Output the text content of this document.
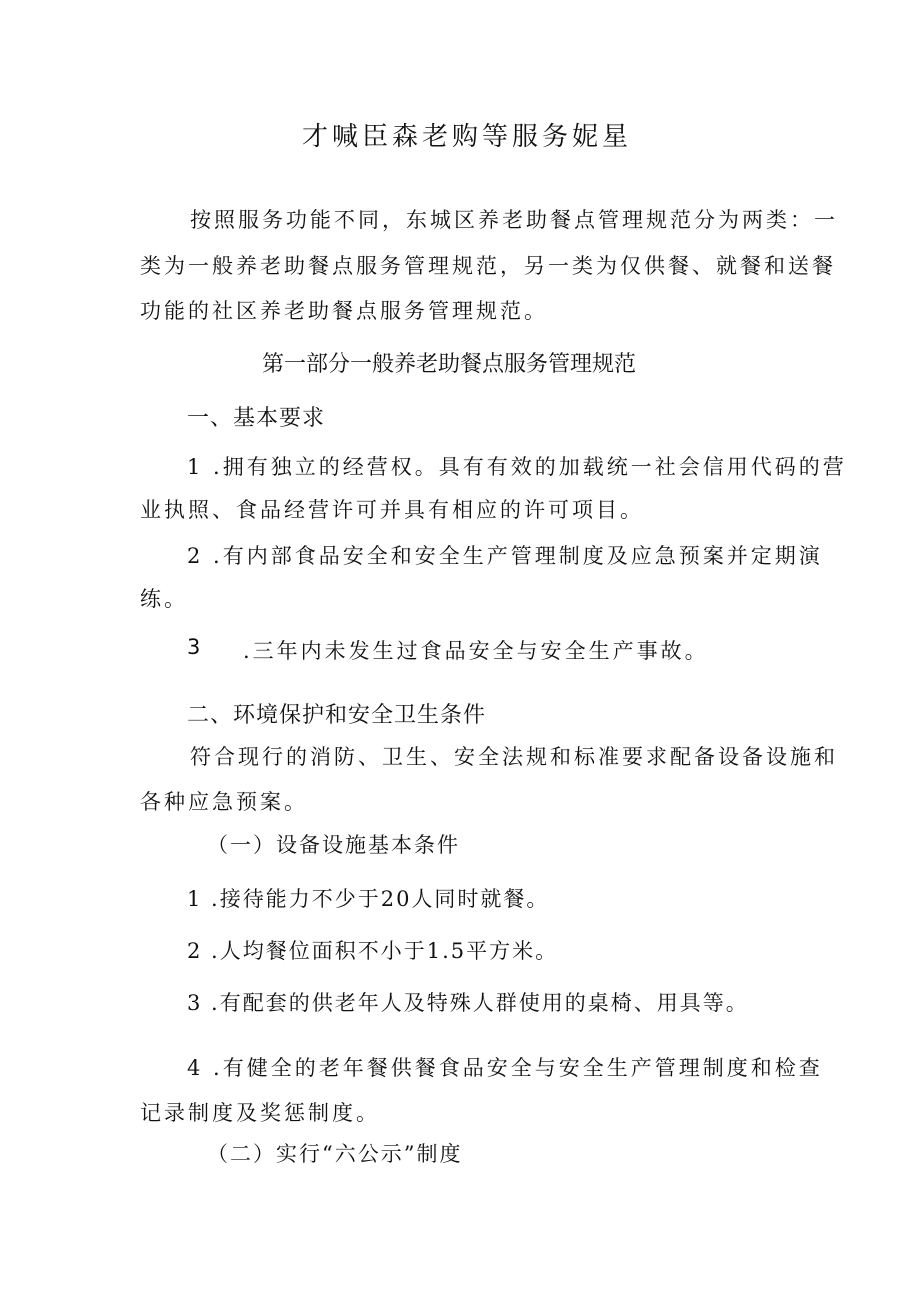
才喊臣森老购等服务妮星

按照服务功能不同，东城区养老助餐点管理规范分为两类：一

类为一般养老助餐点服务管理规范，另一类为仅供餐、就餐和送餐

功能的社区养老助餐点服务管理规范。

第一部分一般养老助餐点服务管理规范

一、基本要求

1 .拥有独立的经营权。具有有效的加载统一社会信用代码的营

业执照、食品经营许可并具有相应的许可项目。

2 .有内部食品安全和安全生产管理制度及应急预案并定期演

练。

3 .三年内未发生过食品安全与安全生产事故。

二、环境保护和安全卫生条件

符合现行的消防、卫生、安全法规和标准要求配备设备设施和

各种应急预案。

（一）设备设施基本条件

1 .接待能力不少于20人同时就餐。

2 .人均餐位面积不小于1.5平方米。

3 .有配套的供老年人及特殊人群使用的桌椅、用具等。

4 .有健全的老年餐供餐食品安全与安全生产管理制度和检查

记录制度及奖惩制度。

（二）实行“六公示”制度
